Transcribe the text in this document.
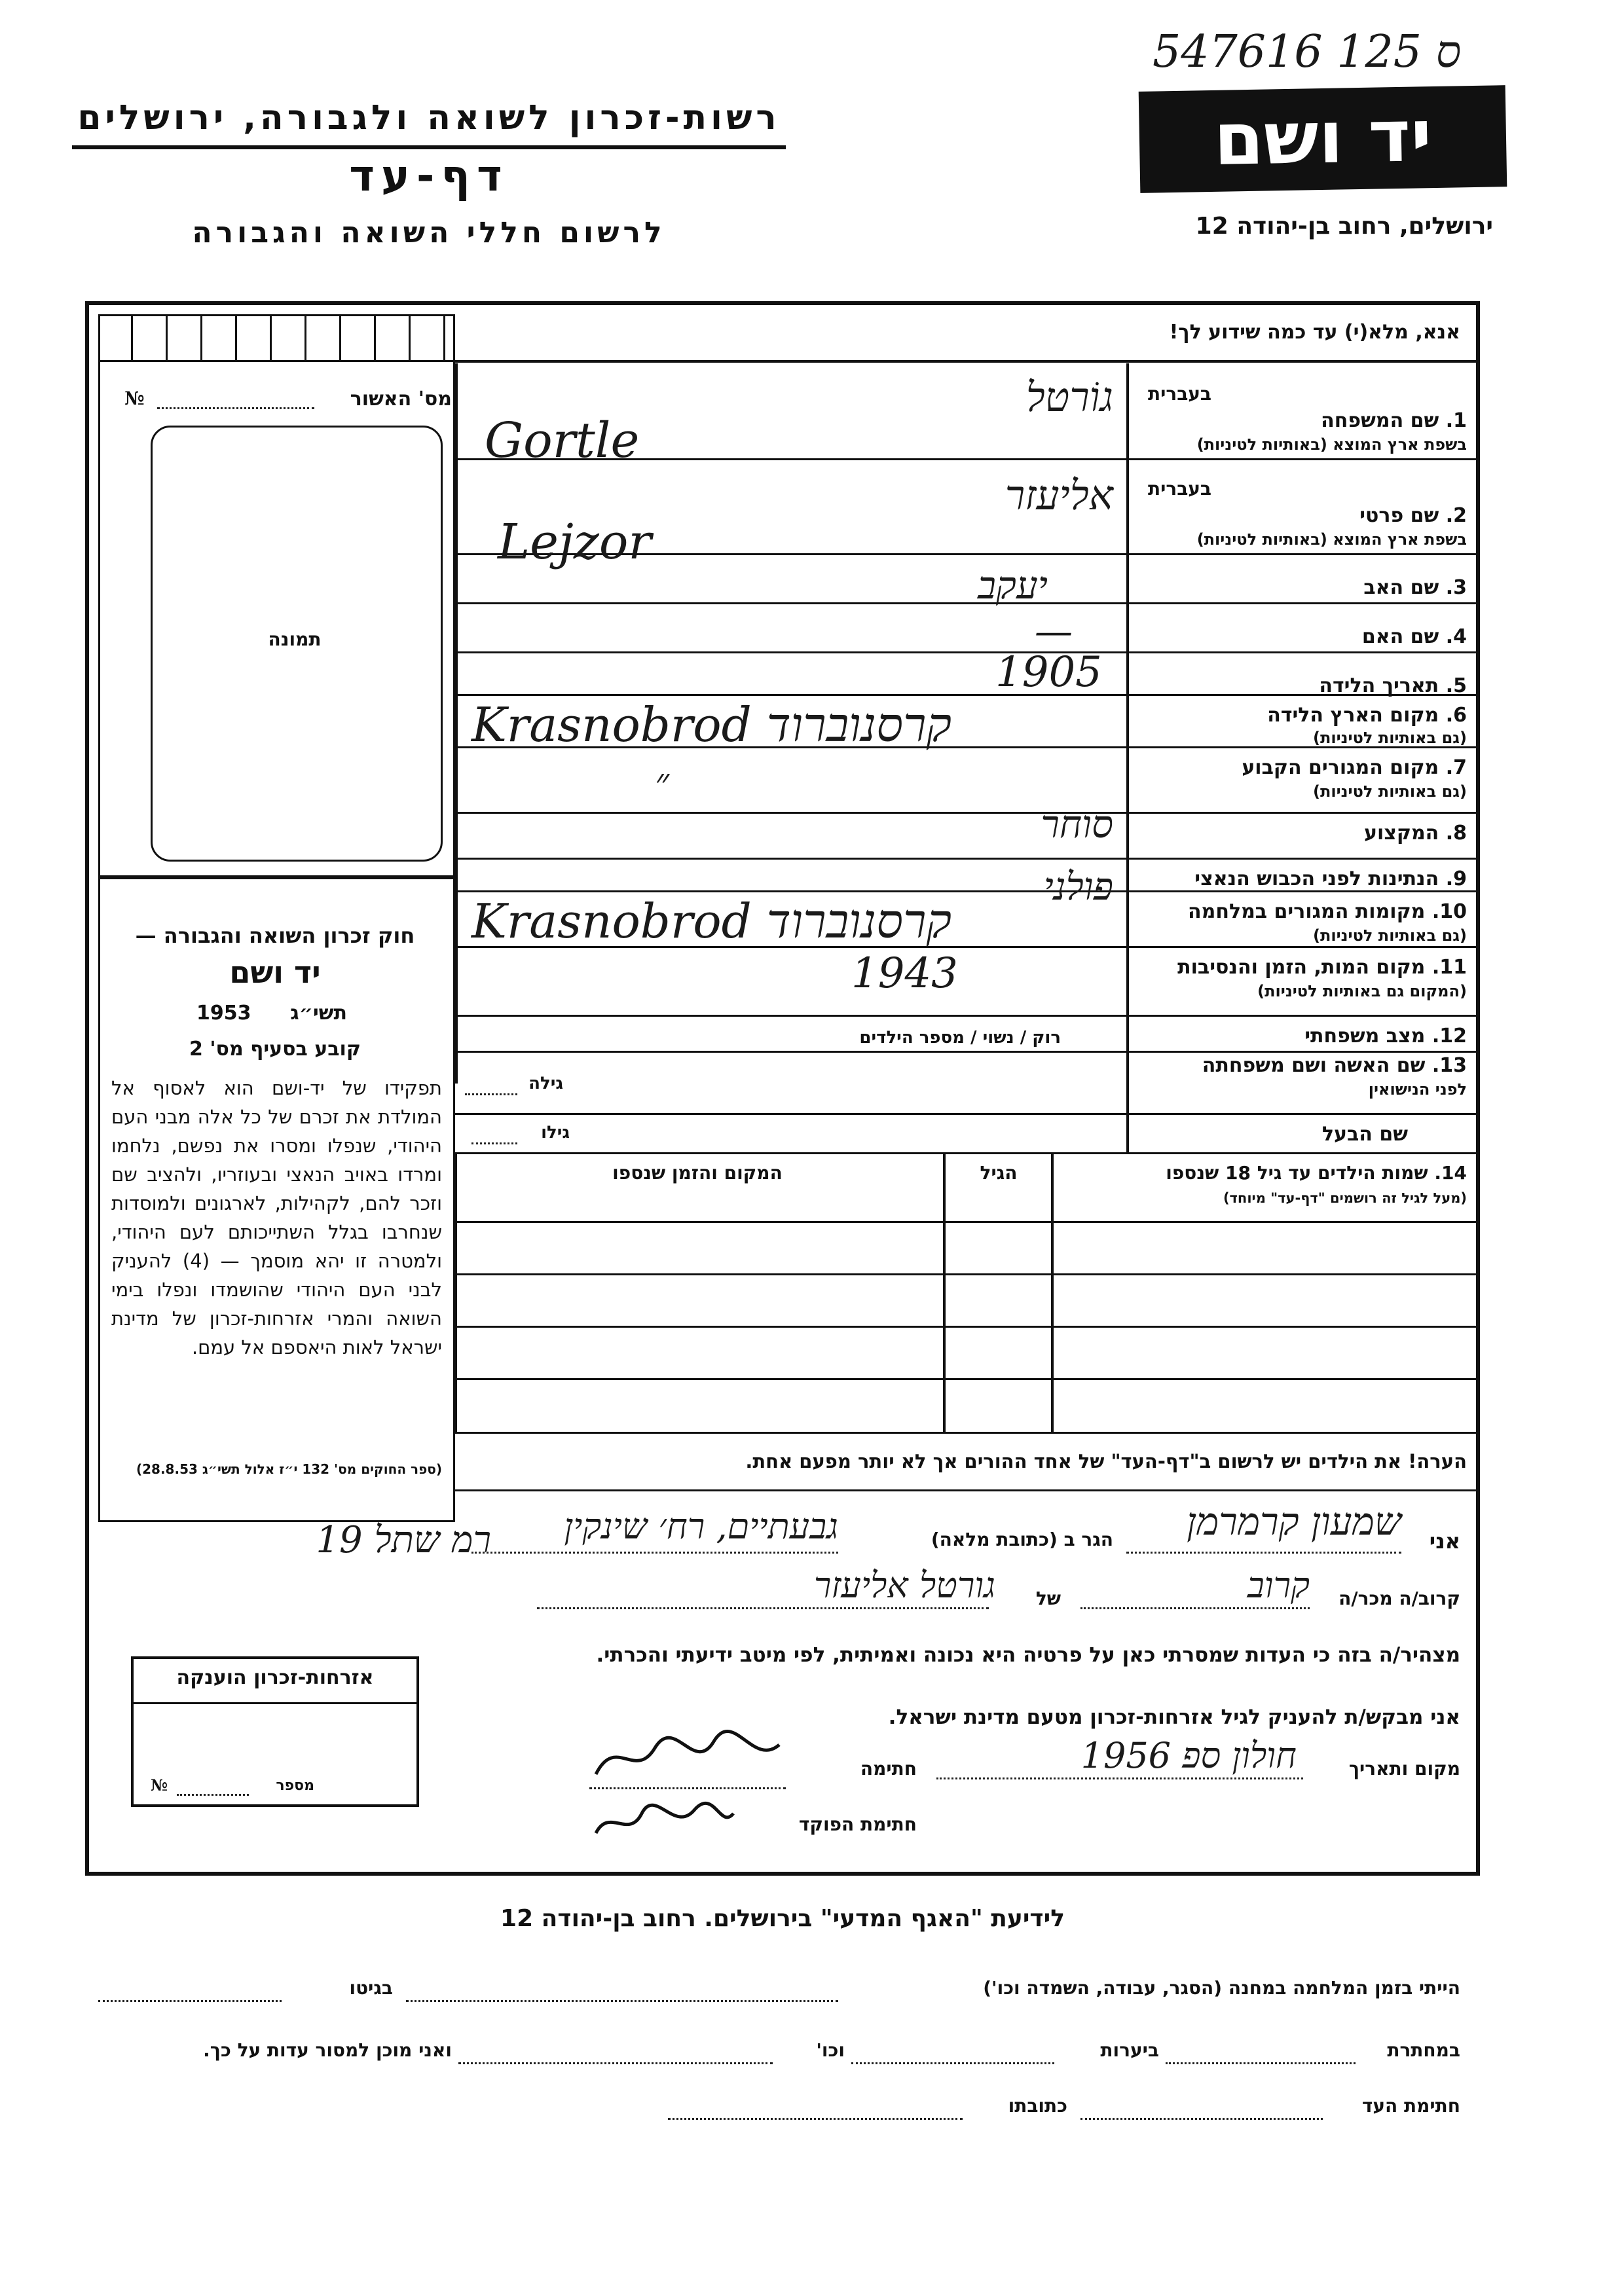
547616 125 ס
רשות-זכרון לשואה ולגבורה, ירושלים
דף-עד
לרשום חללי השואה והגבורה
יד ושם
ירושלים, רחוב בן-יהודה 12
תמונה
מס' האשור
№
חוק זכרון השואה והגבורה —
יד ושם
תשי״ג
1953
קובע בסעיף מס' 2
תפקידו של יד-ושם הוא לאסוף אל המולדת את זכרם של כל אלה מבני העם היהודי, שנפלו ומסרו את נפשם, נלחמו ומרדו באויב הנאצי ובעוזריו, ולהציב שם וזכר להם, לקהילות, לארגונים ולמוסדות שנחרבו בגלל השתייכותם לעם היהודי, ולמטרה זו יהא מוסמך — (4) להעניק לבני העם היהודי שהושמדו ונפלו בימי השואה והמרי אזרחות-זכרון של מדינת ישראל לאות היאספם אל עמם.
(ספר החוקים מס' 132 י״ז אלול תשי״ג 28.8.53)
אנא, מלא(י) עד כמה שידוע לך!
בעברית
1. שם המשפחה
בשפת ארץ המוצא (באותיות לטיניות)
בעברית
2. שם פרטי
בשפת ארץ המוצא (באותיות לטיניות)
3. שם האב
4. שם האם
5. תאריך הלידה
6. מקום הארץ הלידה
(גם באותיות לטיניות)
7. מקום המגורים הקבוע
(גם באותיות לטיניות)
8. המקצוע
9. הנתינות לפני הכבוש הנאצי
10. מקומות המגורים במלחמה
(גם באותיות לטיניות)
11. מקום המות, הזמן והנסיבות
(המקום גם באותיות לטיניות)
12. מצב משפחתי
13. שם האשה ושם משפחתה
לפני הנישואין
שם הבעל
גוֹרטל
Gortle
אליעזר
Lejzor
יעקב
—
1905
Krasnobrod קרסנוברוד
״
סוחר
פולני
Krasnobrod קרסנוברוד
1943
רוק / נשוי / מספר הילדים
גילה
גילו
14. שמות הילדים עד גיל 18 שנספו
(מעל לגיל זה רושמים "דף-עד" מיוחד)
הגיל
המקום והזמן שנספו
הערה! את הילדים יש לרשום ב"דף-העד" של אחד ההורים אך לא יותר מפעם אחת.
אני
שמעון קרמרמן
הגר ב (כתובת מלאה)
גבעתיים, רח׳ שינקין
רמ שתל 19
קרוב/ה מכר/ה
קרוב
של
גורטל אליעזר
מצהיר/ה בזה כי העדות שמסרתי כאן על פרטיה היא נכונה ואמיתית, לפי מיטב ידיעתי והכרתי.
אני מבקש/ת להעניק לגיל אזרחות-זכרון מטעם מדינת ישראל.
מקום ותאריך
חולון ספ 1956
חתימה
חתימת הפוקד
אזרחות-זכרון הוענקה
מספר
№
לידיעת "האגף המדעי" בירושלים. רחוב בן-יהודה 12
הייתי בזמן המלחמה במחנה (הסגר, עבודה, השמדה וכו')
בגיטו
במחתרת
ביערות
וכו'
ואני מוכן למסור עדות על כך.
חתימת העד
כתובתו
